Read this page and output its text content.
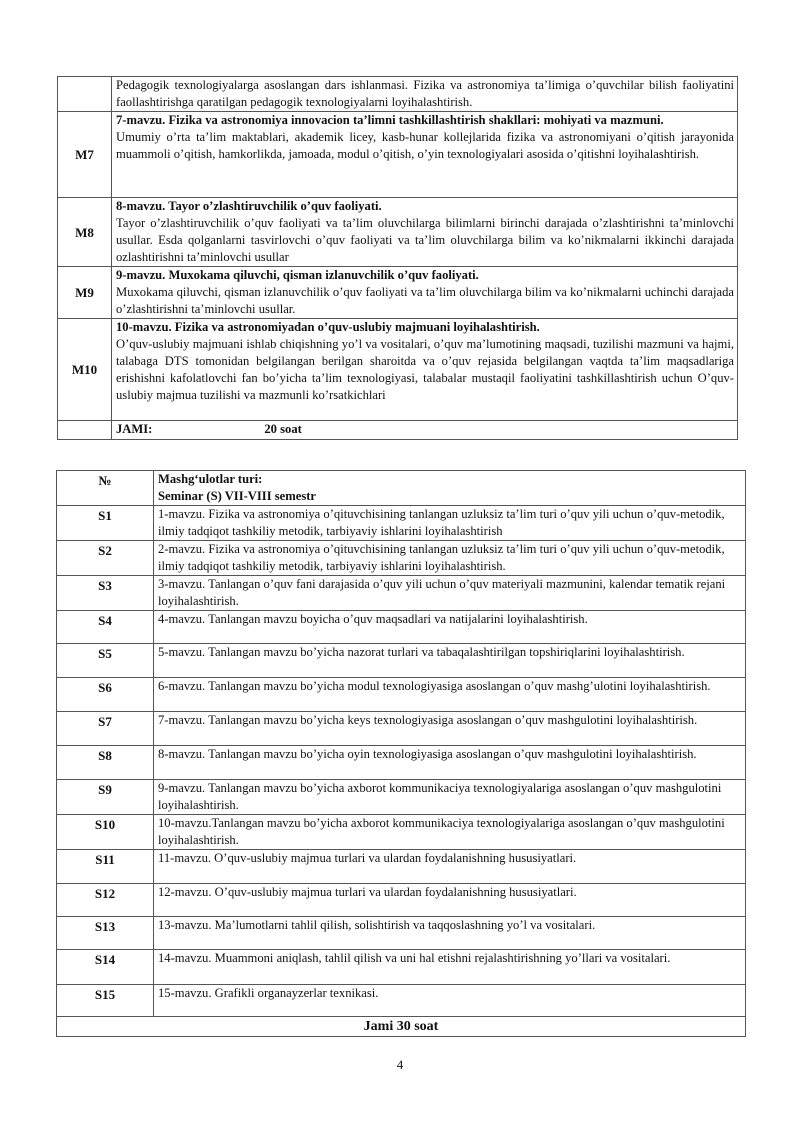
	Pedagogik texnologiyalarga asoslangan dars ishlanmasi. Fizika va astronomiya ta’limiga o’quvchilar bilish faoliyatini faollashtirishga qaratilgan pedagogik texnologiyalarni loyihalashtirish.

M7	7-mavzu. Fizika va astronomiya innovacion ta’limni tashkillashtirish shakllari: mohiyati va mazmuni.
Umumiy o’rta ta’lim maktablari, akademik licey, kasb-hunar kollejlarida fizika va astronomiyani o’qitish jarayonida muammoli o’qitish, hamkorlikda, jamoada, modul o’qitish, o’yin texnologiyalari asosida o’qitishni loyihalashtirish.

M8	8-mavzu. Tayor o’zlashtiruvchilik o’quv faoliyati.
Tayor o’zlashtiruvchilik o’quv faoliyati va ta’lim oluvchilarga bilimlarni birinchi darajada o’zlashtirishni ta’minlovchi usullar. Esda qolganlarni tasvirlovchi o’quv faoliyati va ta’lim oluvchilarga bilim va ko’nikmalarni ikkinchi darajada ozlashtirishni ta’minlovchi usullar

M9	9-mavzu. Muxokama qiluvchi, qisman izlanuvchilik o’quv faoliyati.
Muxokama qiluvchi, qisman izlanuvchilik o’quv faoliyati va ta’lim oluvchilarga bilim va ko’nikmalarni uchinchi darajada o’zlashtirishni ta’minlovchi usullar.

M10	10-mavzu. Fizika va astronomiyadan o’quv-uslubiy majmuani loyihalashtirish.
O’quv-uslubiy majmuani ishlab chiqishning yo’l va vositalari, o’quv ma’lumotining maqsadi, tuzilishi mazmuni va hajmi, talabaga DTS tomonidan belgilangan berilgan sharoitda va o’quv rejasida belgilangan vaqtda ta’lim maqsadlariga erishishni kafolatlovchi fan bo’yicha ta’lim texnologiyasi, talabalar mustaqil faoliyatini tashkillashtirish uchun O’quv-uslubiy majmua tuzilishi va mazmunli ko’rsatkichlari

	JAMI: 20 soat
№	Mashg‘ulotlar turi:
Seminar (S) VII-VIII semestr

S1	1-mavzu. Fizika va astronomiya o’qituvchisining tanlangan uzluksiz ta’lim turi o’quv yili uchun o’quv-metodik, ilmiy tadqiqot tashkiliy metodik, tarbiyaviy ishlarini loyihalashtirish
S2	2-mavzu. Fizika va astronomiya o’qituvchisining tanlangan uzluksiz ta’lim turi o’quv yili uchun o’quv-metodik, ilmiy tadqiqot tashkiliy metodik, tarbiyaviy ishlarini loyihalashtirish.
S3	3-mavzu. Tanlangan o’quv fani darajasida o’quv yili uchun o’quv materiyali mazmunini, kalendar tematik rejani loyihalashtirish.
S4	4-mavzu. Tanlangan mavzu boyicha o’quv maqsadlari va natijalarini loyihalashtirish.
S5	5-mavzu. Tanlangan mavzu bo’yicha nazorat turlari va tabaqalashtirilgan topshiriqlarini loyihalashtirish.
S6	6-mavzu. Tanlangan mavzu bo’yicha modul texnologiyasiga asoslangan o’quv mashg’ulotini loyihalashtirish.
S7	7-mavzu. Tanlangan mavzu bo’yicha keys texnologiyasiga asoslangan o’quv mashgulotini loyihalashtirish.
S8	8-mavzu. Tanlangan mavzu bo’yicha oyin texnologiyasiga asoslangan o’quv mashgulotini loyihalashtirish.
S9	9-mavzu. Tanlangan mavzu bo’yicha axborot kommunikaciya texnologiyalariga asoslangan o’quv mashgulotini loyihalashtirish.
S10	10-mavzu.Tanlangan mavzu bo’yicha axborot kommunikaciya texnologiyalariga asoslangan o’quv mashgulotini loyihalashtirish.
S11	11-mavzu. O’quv-uslubiy majmua turlari va ulardan foydalanishning hususiyatlari.
S12	12-mavzu. O’quv-uslubiy majmua turlari va ulardan foydalanishning hususiyatlari.
S13	13-mavzu. Ma’lumotlarni tahlil qilish, solishtirish va taqqoslashning yo’l va vositalari.
S14	14-mavzu. Muammoni aniqlash, tahlil qilish va uni hal etishni rejalashtirishning yo’llari va vositalari.
S15	15-mavzu. Grafikli organayzerlar texnikasi.
Jami 30 soat	
4
